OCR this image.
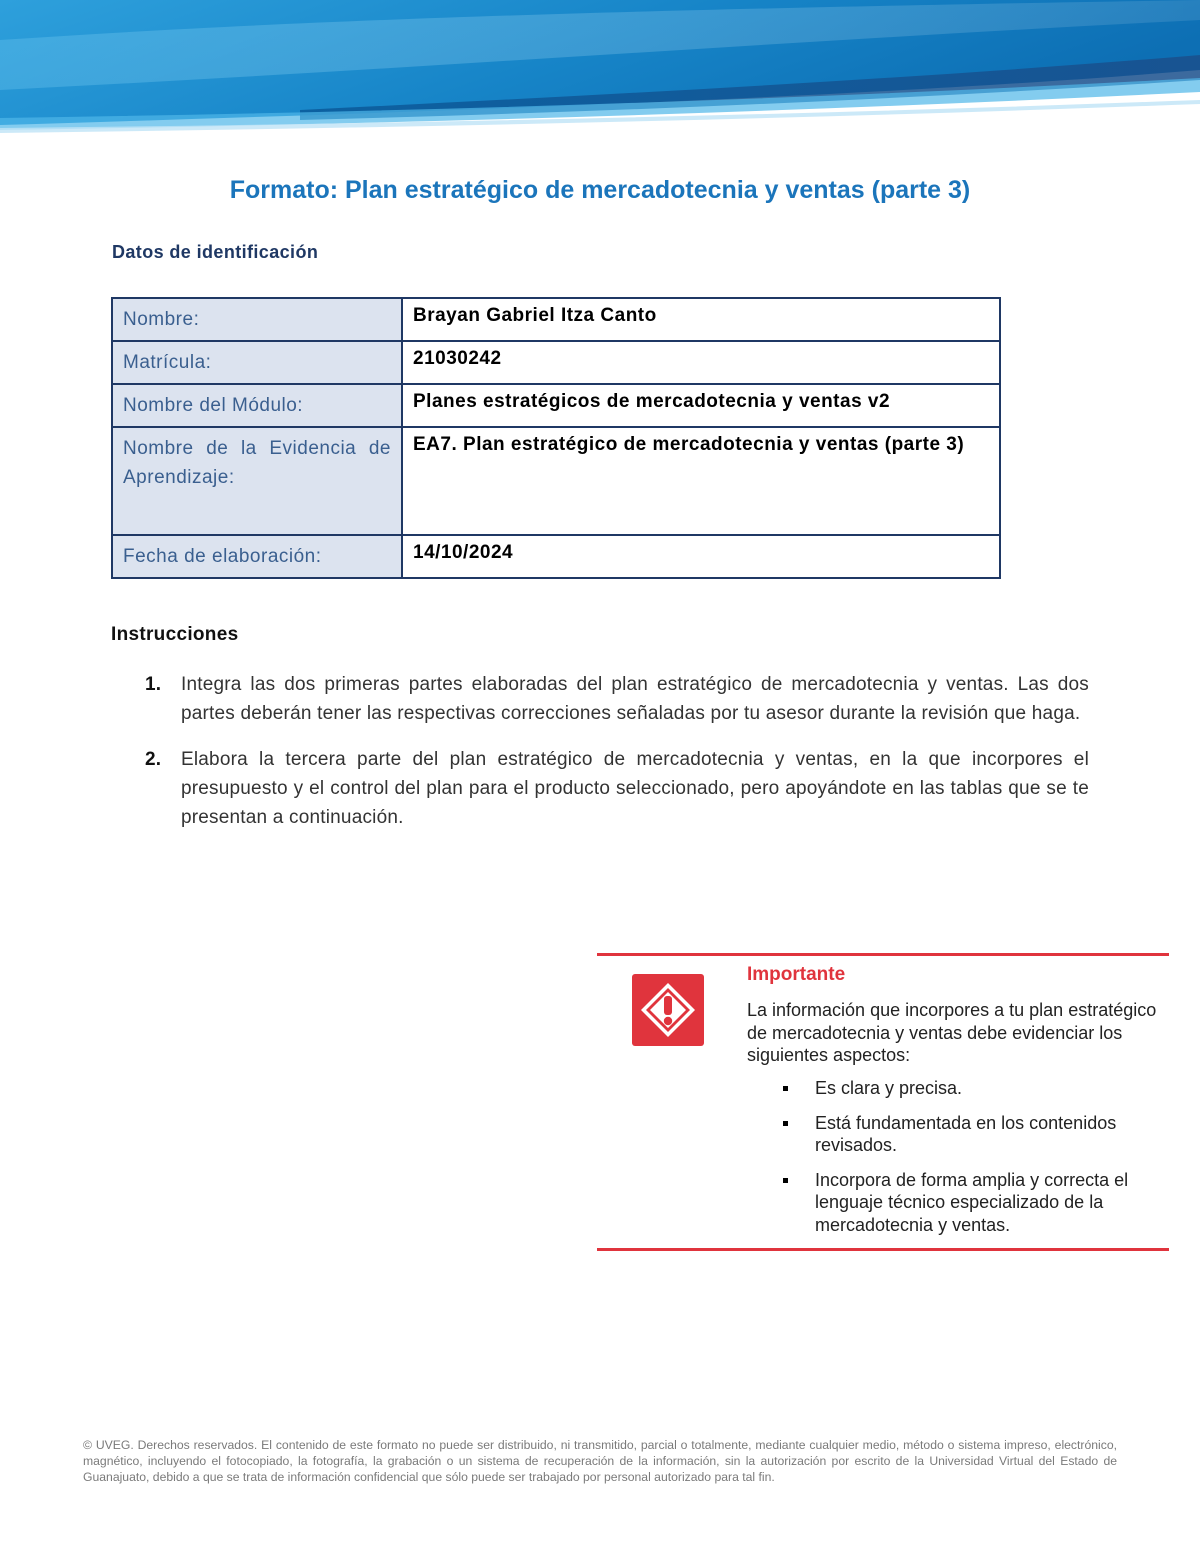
Formato: Plan estratégico de mercadotecnia y ventas (parte 3)
Datos de identificación
Nombre:	Brayan Gabriel Itza Canto
Matrícula:	21030242
Nombre del Módulo:	Planes estratégicos de mercadotecnia y ventas v2
Nombre de la Evidencia de Aprendizaje:	EA7. Plan estratégico de mercadotecnia y ventas (parte 3)
Fecha de elaboración:	14/10/2024
Instrucciones
1. Integra las dos primeras partes elaboradas del plan estratégico de mercadotecnia y ventas. Las dos partes deberán tener las respectivas correcciones señaladas por tu asesor durante la revisión que haga.
2. Elabora la tercera parte del plan estratégico de mercadotecnia y ventas, en la que incorpores el presupuesto y el control del plan para el producto seleccionado, pero apoyándote en las tablas que se te presentan a continuación.
Importante
La información que incorpores a tu plan estratégico de mercadotecnia y ventas debe evidenciar los siguientes aspectos:
Es clara y precisa.
Está fundamentada en los contenidos revisados.
Incorpora de forma amplia y correcta el lenguaje técnico especializado de la mercadotecnia y ventas.
© UVEG. Derechos reservados. El contenido de este formato no puede ser distribuido, ni transmitido, parcial o totalmente, mediante cualquier medio, método o sistema impreso, electrónico, magnético, incluyendo el fotocopiado, la fotografía, la grabación o un sistema de recuperación de la información, sin la autorización por escrito de la Universidad Virtual del Estado de Guanajuato, debido a que se trata de información confidencial que sólo puede ser trabajado por personal autorizado para tal fin.
